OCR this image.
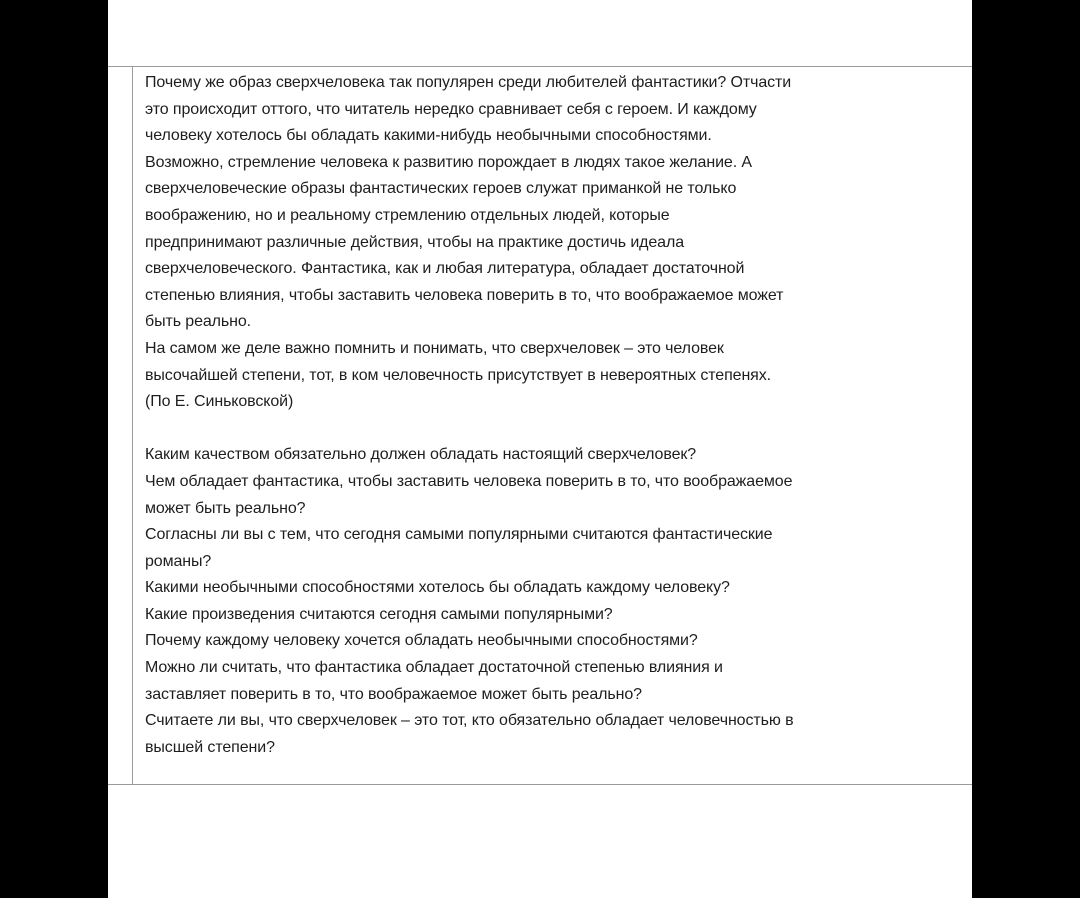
Почему же образ сверхчеловека так популярен среди любителей фантастики? Отчасти
это происходит оттого, что читатель нередко сравнивает себя с героем. И каждому
человеку хотелось бы обладать какими-нибудь необычными способностями.
Возможно, стремление человека к развитию порождает в людях такое желание. А
сверхчеловеческие образы фантастических героев служат приманкой не только
воображению, но и реальному стремлению отдельных людей, которые
предпринимают различные действия, чтобы на практике достичь идеала
сверхчеловеческого. Фантастика, как и любая литература, обладает достаточной
степенью влияния, чтобы заставить человека поверить в то, что воображаемое может
быть реально.
На самом же деле важно помнить и понимать, что сверхчеловек – это человек
высочайшей степени, тот, в ком человечность присутствует в невероятных степенях.
(По Е. Синьковской)
Каким качеством обязательно должен обладать настоящий сверхчеловек?
Чем обладает фантастика, чтобы заставить человека поверить в то, что воображаемое
может быть реально?
Согласны ли вы с тем, что сегодня самыми популярными считаются фантастические
романы?
Какими необычными способностями хотелось бы обладать каждому человеку?
Какие произведения считаются сегодня самыми популярными?
Почему каждому человеку хочется обладать необычными способностями?
Можно ли считать, что фантастика обладает достаточной степенью влияния и
заставляет поверить в то, что воображаемое может быть реально?
Считаете ли вы, что сверхчеловек – это тот, кто обязательно обладает человечностью в
высшей степени?
